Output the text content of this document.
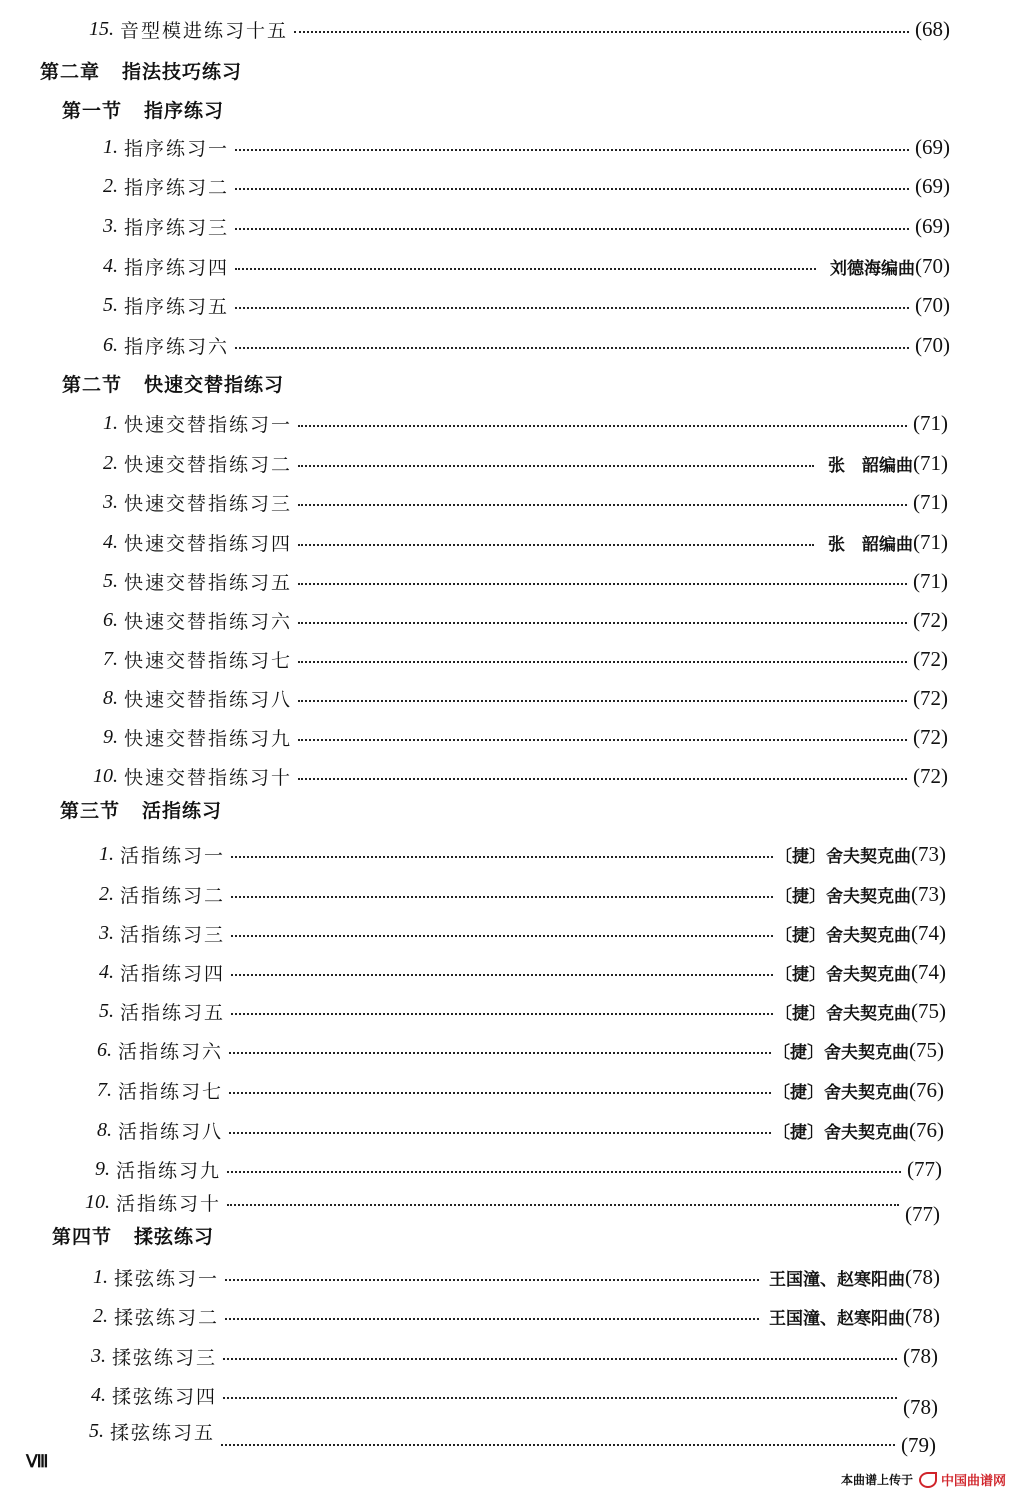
15. 音型模进练习十五	(68)
第二章 指法技巧练习
第一节 指序练习
1. 指序练习一	(69)
2. 指序练习二	(69)
3. 指序练习三	(69)
4. 指序练习四	刘德海编曲 (70)
5. 指序练习五	(70)
6. 指序练习六	(70)
第二节 快速交替指练习
1. 快速交替指练习一	(71)
2. 快速交替指练习二	张　韶编曲 (71)
3. 快速交替指练习三	(71)
4. 快速交替指练习四	张　韶编曲 (71)
5. 快速交替指练习五	(71)
6. 快速交替指练习六	(72)
7. 快速交替指练习七	(72)
8. 快速交替指练习八	(72)
9. 快速交替指练习九	(72)
10. 快速交替指练习十	(72)
第三节 活指练习
1. 活指练习一	〔捷〕舍夫契克曲 (73)
2. 活指练习二	〔捷〕舍夫契克曲 (73)
3. 活指练习三	〔捷〕舍夫契克曲 (74)
4. 活指练习四	〔捷〕舍夫契克曲 (74)
5. 活指练习五	〔捷〕舍夫契克曲 (75)
6. 活指练习六	〔捷〕舍夫契克曲 (75)
7. 活指练习七	〔捷〕舍夫契克曲 (76)
8. 活指练习八	〔捷〕舍夫契克曲 (76)
9. 活指练习九	(77)
10. 活指练习十	(77)
第四节 揉弦练习
1. 揉弦练习一	王国潼、赵寒阳曲 (78)
2. 揉弦练习二	王国潼、赵寒阳曲 (78)
3. 揉弦练习三	(78)
4. 揉弦练习四	(78)
5. 揉弦练习五	(79)
Ⅷ
本曲谱上传于 中国曲谱网
